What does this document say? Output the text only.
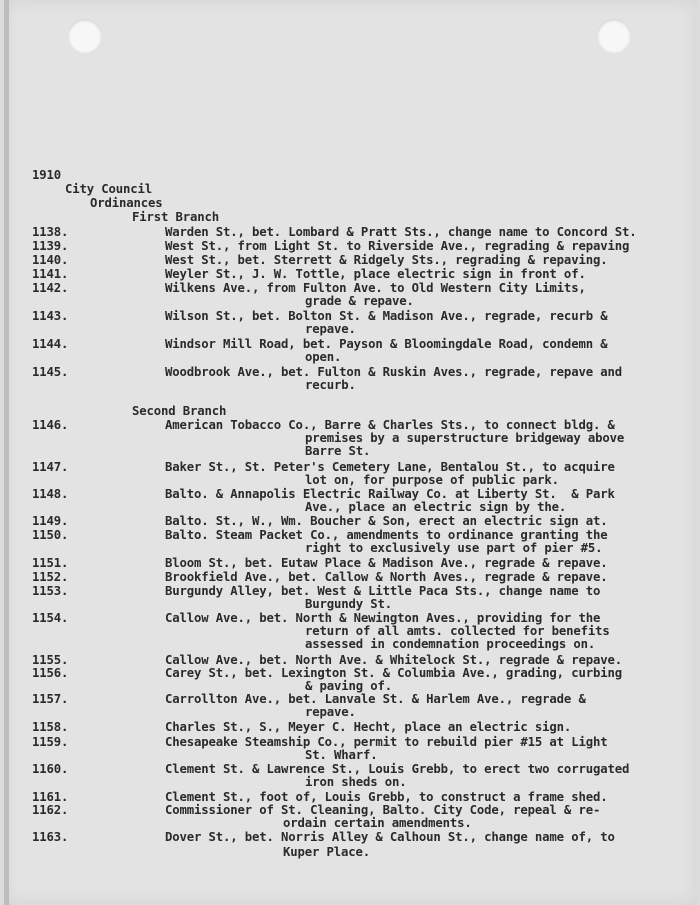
1910
City Council
Ordinances
First Branch
1138.	Warden St., bet. Lombard & Pratt Sts., change name to Concord St.
1139.	West St., from Light St. to Riverside Ave., regrading & repaving
1140.	West St., bet. Sterrett & Ridgely Sts., regrading & repaving.
1141.	Weyler St., J. W. Tottle, place electric sign in front of.
1142.	Wilkens Ave., from Fulton Ave. to Old Western City Limits,
grade & repave.
1143.	Wilson St., bet. Bolton St. & Madison Ave., regrade, recurb &
repave.
1144.	Windsor Mill Road, bet. Payson & Bloomingdale Road, condemn &
open.
1145.	Woodbrook Ave., bet. Fulton & Ruskin Aves., regrade, repave and
recurb.
Second Branch
1146.	American Tobacco Co., Barre & Charles Sts., to connect bldg. &
premises by a superstructure bridgeway above
Barre St.
1147.	Baker St., St. Peter's Cemetery Lane, Bentalou St., to acquire
lot on, for purpose of public park.
1148.	Balto. & Annapolis Electric Railway Co. at Liberty St.  & Park
Ave., place an electric sign by the.
1149.	Balto. St., W., Wm. Boucher & Son, erect an electric sign at.
1150.	Balto. Steam Packet Co., amendments to ordinance granting the
right to exclusively use part of pier #5.
1151.	Bloom St., bet. Eutaw Place & Madison Ave., regrade & repave.
1152.	Brookfield Ave., bet. Callow & North Aves., regrade & repave.
1153.	Burgundy Alley, bet. West & Little Paca Sts., change name to
Burgundy St.
1154.	Callow Ave., bet. North & Newington Aves., providing for the
return of all amts. collected for benefits
assessed in condemnation proceedings on.
1155.	Callow Ave., bet. North Ave. & Whitelock St., regrade & repave.
1156.	Carey St., bet. Lexington St. & Columbia Ave., grading, curbing
& paving of.
1157.	Carrollton Ave., bet. Lanvale St. & Harlem Ave., regrade &
repave.
1158.	Charles St., S., Meyer C. Hecht, place an electric sign.
1159.	Chesapeake Steamship Co., permit to rebuild pier #15 at Light
St. Wharf.
1160.	Clement St. & Lawrence St., Louis Grebb, to erect two corrugated
iron sheds on.
1161.	Clement St., foot of, Louis Grebb, to construct a frame shed.
1162.	Commissioner of St. Cleaning, Balto. City Code, repeal & re-
ordain certain amendments.
1163.	Dover St., bet. Norris Alley & Calhoun St., change name of, to
Kuper Place.
